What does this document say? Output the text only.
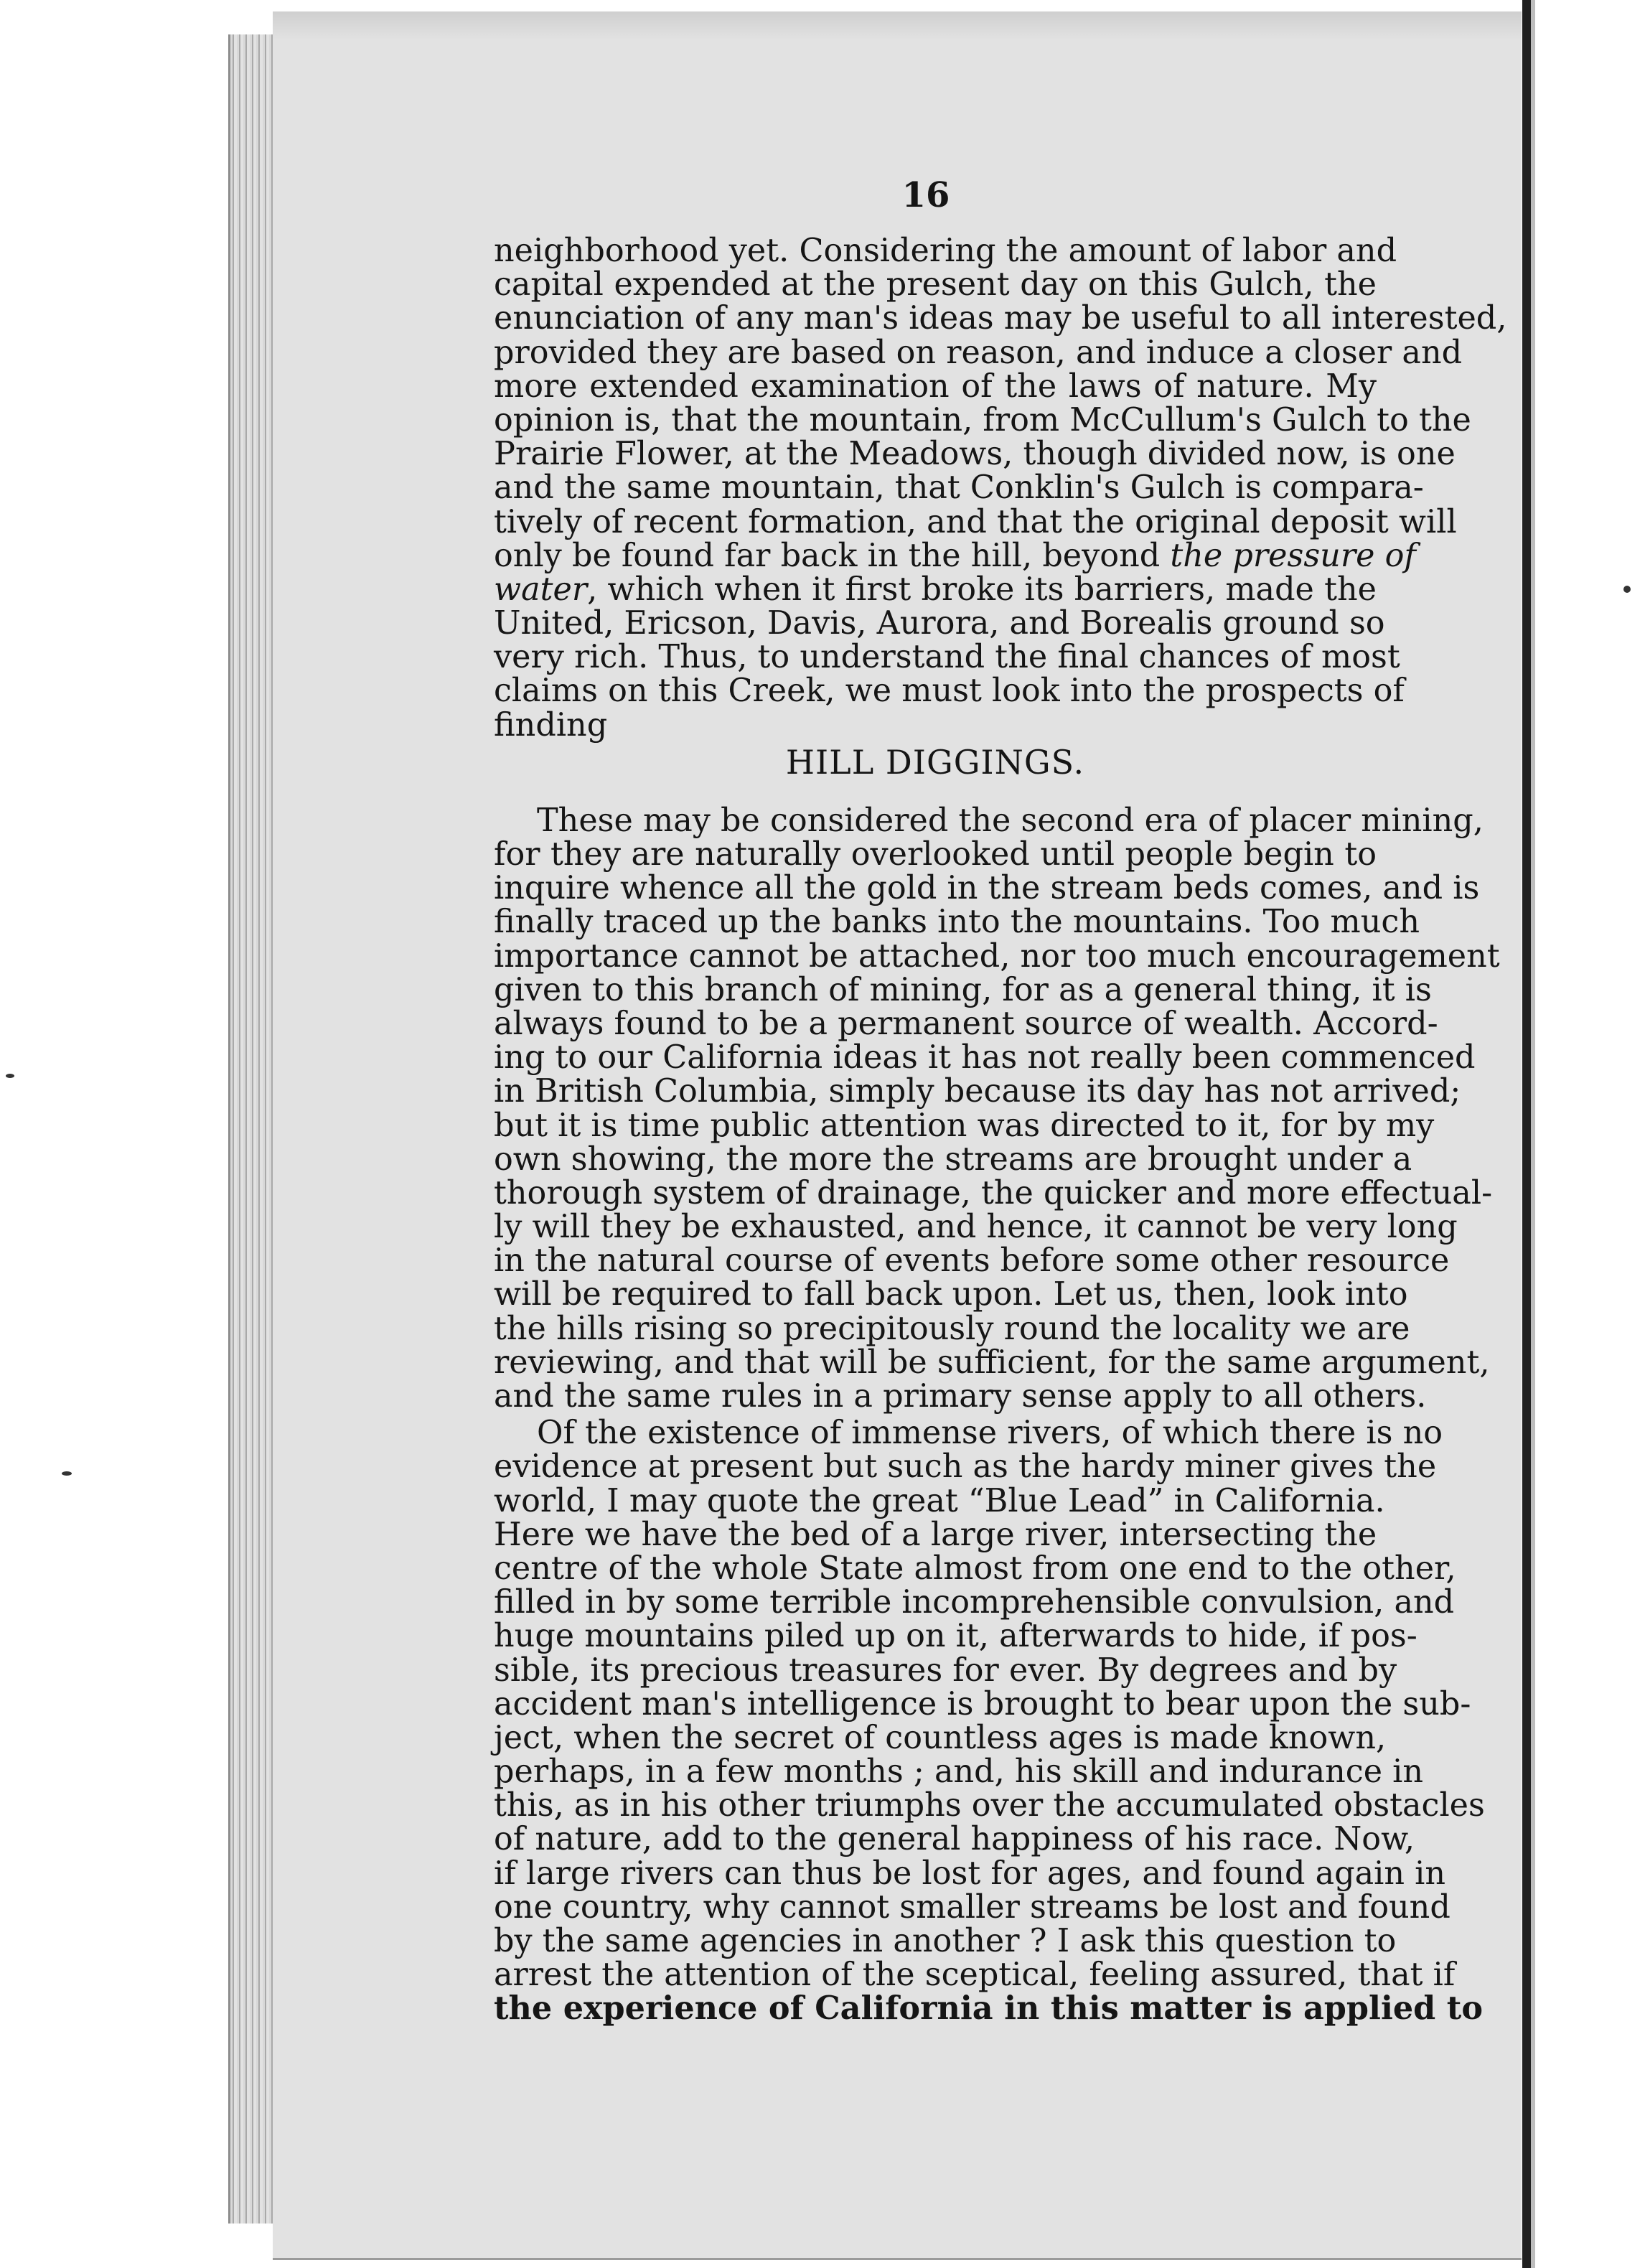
16
neighborhood yet. Considering the amount of labor and
capital expended at the present day on this Gulch, the
enunciation of any man's ideas may be useful to all interested,
provided they are based on reason, and induce a closer and
more extended examination of the laws of nature. My
opinion is, that the mountain, from McCullum's Gulch to the
Prairie Flower, at the Meadows, though divided now, is one
and the same mountain, that Conklin's Gulch is compara-
tively of recent formation, and that the original deposit will
only be found far back in the hill, beyond the pressure of
water, which when it first broke its barriers, made the
United, Ericson, Davis, Aurora, and Borealis ground so
very rich. Thus, to understand the final chances of most
claims on this Creek, we must look into the prospects of
finding
HILL DIGGINGS.
These may be considered the second era of placer mining,
for they are naturally overlooked until people begin to
inquire whence all the gold in the stream beds comes, and is
finally traced up the banks into the mountains. Too much
importance cannot be attached, nor too much encouragement
given to this branch of mining, for as a general thing, it is
always found to be a permanent source of wealth. Accord-
ing to our California ideas it has not really been commenced
in British Columbia, simply because its day has not arrived;
but it is time public attention was directed to it, for by my
own showing, the more the streams are brought under a
thorough system of drainage, the quicker and more effectual-
ly will they be exhausted, and hence, it cannot be very long
in the natural course of events before some other resource
will be required to fall back upon. Let us, then, look into
the hills rising so precipitously round the locality we are
reviewing, and that will be sufficient, for the same argument,
and the same rules in a primary sense apply to all others.
Of the existence of immense rivers, of which there is no
evidence at present but such as the hardy miner gives the
world, I may quote the great “Blue Lead” in California.
Here we have the bed of a large river, intersecting the
centre of the whole State almost from one end to the other,
filled in by some terrible incomprehensible convulsion, and
huge mountains piled up on it, afterwards to hide, if pos-
sible, its precious treasures for ever. By degrees and by
accident man's intelligence is brought to bear upon the sub-
ject, when the secret of countless ages is made known,
perhaps, in a few months ; and, his skill and indurance in
this, as in his other triumphs over the accumulated obstacles
of nature, add to the general happiness of his race. Now,
if large rivers can thus be lost for ages, and found again in
one country, why cannot smaller streams be lost and found
by the same agencies in another ? I ask this question to
arrest the attention of the sceptical, feeling assured, that if
the experience of California in this matter is applied to
